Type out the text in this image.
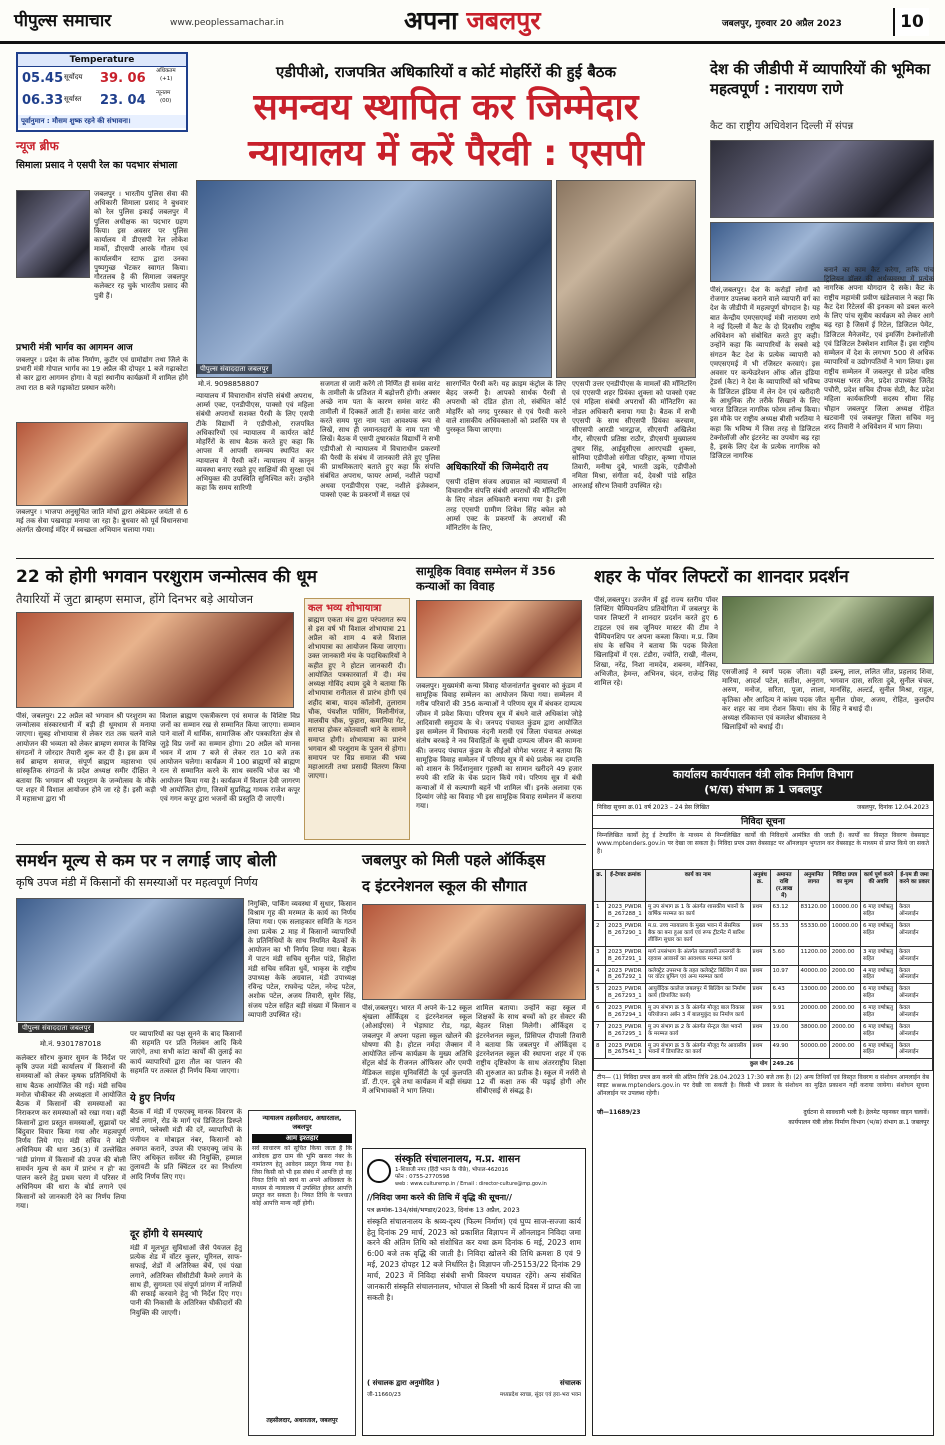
पीपुल्स समाचार	www.peoplessamachar.in	अपना जबलपुर	जबलपुर, गुरुवार 20 अप्रैल 2023	10
Temperature
05.45 सूर्योदय 39. 06 अधिकतम
(+1)
06.33 सूर्यास्त 23. 04 न्यूनतम
(00)
पूर्वानुमान : मौसम शुष्क रहने की संभावना।
न्यूज ब्रीफ
सिमाला प्रसाद ने एसपी रेल का पदभार संभाला
जबलपुर । भारतीय पुलिस सेवा की अधिकारी सिमाला प्रसाद ने बुधवार को रेल पुलिस इकाई जबलपुर में पुलिस अधीक्षक का पदभार ग्रहण किया। इस अवसर पर पुलिस कार्यालय में डीएसपी रेल लोकेश मार्को, डीएसपी आरके गौतम एवं कार्यालयीन स्टाफ द्वारा उनका पुष्पगुच्छ भेंटकर स्वागत किया। गौरतलब है की सिमाला जबलपुर कलेक्टर रह चुके भारतीय प्रसाद की पुत्री हैं।
प्रभारी मंत्री भार्गव का आगमन आज
जबलपुर । प्रदेश के लोक निर्माण, कुटीर एवं ग्रामोद्योग तथा जिले के प्रभारी मंत्री गोपाल भार्गव का 19 अप्रैल की दोपहर 1 बजे गढ़ाकोटा से कार द्वारा आगमन होगा। वे यहां स्थानीय कार्यक्रमों में शामिल होंगे तथा रात 8 बजे गढ़ाकोटा प्रस्थान करेंगे।
जबलपुर । भाजपा अनुसूचित जाति मोर्चा द्वारा अंबेडकर जयंती से 6 मई तक सेवा पखवाड़ा मनाया जा रहा है। बुधवार को पूर्व विधानसभा अंतर्गत खैरमाई मंदिर में स्वच्छता अभियान चलाया गया।
एडीपीओ, राजपत्रित अधिकारियों व कोर्ट मोहर्रिरों की हुई बैठक
समन्वय स्थापित कर जिम्मेदार
न्यायालय में करें पैरवी : एसपी
पीपुल्स संवाददाता जबलपुर
मो.नं. 9098858807
न्यायालय में विचाराधीन संपत्ति संबंधी अपराध, आर्म्स एक्ट, एनडीपीएस, पाक्सो एवं महिला संबंधी अपराधों सशक्त पैरवी के लिए एसपी टीके विद्यार्थी ने एडीपीओ, राजपत्रित अधिकारियों एवं न्यायालय में कार्यरत कोर्ट मोहर्रिरों के साथ बैठक करते हुए कहा कि आपस में आपसी समन्वय स्थापित कर न्यायालय में पैरवी करें। न्यायालय में कानून व्यवस्था बनाए रखते हुए साक्षियों की सुरक्षा एवं अभियुक्त की उपस्थिति सुनिश्चित करें। उन्होंने कहा कि समय सारिणी
सजगता से जारी करेंगे तो निर्णित ही समंस वारंट के तामीली के प्रतिशत में बढ़ोत्तरी होगी। अक्सर अच्छे नाम पता के कारण समंस वारंट की तामीली में दिक्कतें आती हैं। समंस वारंट जारी करते समय पूरा नाम पता आवश्यक रूप से लिखें, साथ ही जमानतदारों के नाम पता भी लिखें। बैठक में एसपी तुषारकांत विद्यार्थी ने सभी एडीपीओ से न्यायालय में विचाराधीन प्रकरणों की पैरवी के संबंध में जानकारी लेते हुए पुलिस की प्राथमिकताएं बताते हुए कहा कि संपत्ति संबंधित अपराध, फायर आर्म्स, नशीले पदार्थों अथवा एनडीपीएस एक्ट, नशीले इंजेक्शन, पाक्सो एक्ट के प्रकरणों में सख्त एवं
सारगर्भित पैरवी करें। यह क्राइम कंट्रोल के लिए बेहद जरूरी है। आपको सार्थक पैरवी से अपराधी को दंडित होता तो, संबंधित कोर्ट मोहर्रिर को नगद पुरस्कार से एवं पैरवी करने वाले शासकीय अधिवक्ताओं को प्रशस्ति पत्र से पुरस्कृत किया जाएगा।
अधिकारियों की जिम्मेदारी तय
एसपी दक्षिण संजय अग्रवाल को न्यायालयों में विचाराधीन संपत्ति संबंधी अपराधों की मॉनिटरिंग के लिए नोडल अधिकारी बनाया गया है। इसी तरह एएसपी ग्रामीण शिवेश सिंह बघेल को आर्म्स एक्ट के प्रकरणों के अपराधों की मॉनिटरिंग के लिए,
एएसपी उत्तर एनडीपीएस के मामलों की मॉनिटरिंग एवं एएसपी शहर प्रियंका शुक्ला को पाक्सो एक्ट एवं महिला संबंधी अपराधों की मॉनिटरिंग का नोडल अधिकारी बनाया गया है। बैठक में सभी एएसपी के साथ सीएसपी प्रियंका करचाम, सीएसपी आरडी भारद्वाज, सीएसपी अखिलेश गौर, सीएसपी प्रतिष्ठा राठौर, डीएसपी मुख्यालय तुषार सिंह, आईयूसीएस आरएचडी शुक्ला, सोनिया एडीपीओ संगीता परिहार, कृष्णा गोपाल तिवारी, मनीषा दुबे, भारती उइके, एडीपीओ नमिता मिश्रा, संगीता वर्द, देवश्री पांडे सहित आरआई सौरभ तिवारी उपस्थित रहे।
देश की जीडीपी में व्यापारियों की भूमिका महत्वपूर्ण : नारायण राणे
कैट का राष्ट्रीय अधिवेशन दिल्ली में संपन्न
पीसं,जबलपुर। देश के करोड़ों लोगों को रोजगार उपलब्ध कराने वाले व्यापारी वर्ग का देश के जीडीपी में महत्वपूर्ण योगदान है। यह बात केन्द्रीय एमएसएमई मंत्री नारायण राणे ने नई दिल्ली में कैट के दो दिवसीय राष्ट्रीय अधिवेशन को संबोधित करते हुए कही। उन्होंने कहा कि व्यापारियों के सबसे बड़े संगठन कैट देश के प्रत्येक व्यापारी को एमएसएमई में भी रजिस्टर करवाएं। इस अवसर पर कन्फेडरेशन ऑफ ऑल इंडिया ट्रेडर्स (कैट) ने देश के व्यापारियों को भविष्य के डिजिटल इंडिया में लेन देन एवं खरीदारी के आधुनिक तौर तरीके सिखाने के लिए भारत डिजिटल नागरिक फोरम लॉन्च किया। इस मौके पर राष्ट्रीय अध्यक्ष बीसी भरतिया ने कहा कि भविष्य में जिस तरह से डिजिटल टेक्नोलॉजी और इंटरनेट का उपयोग बढ़ रहा है, इसके लिए देश के प्रत्येक नागरिक को डिजिटल नागरिक
बनाने का काम कैट करेगा, ताकि पांच ट्रिलियन डॉलर की अर्थव्यवस्था में प्रत्येक नागरिक अपना योगदान दे सके। कैट के राष्ट्रीय महामंत्री प्रवीण खंडेलवाल ने कहा कि कैट देश रिटेलर्स की इनकम को डबल करने के लिए पांच सूत्रीय कार्यक्रम को लेकर आगे बढ़ रहा है जिसमें ई रिटेल, डिजिटल पेमेंट, डिजिटल मैनेजमेंट, एवं इमर्जिंग टेक्नोलॉजी एवं डिजिटल टैक्सेशन शामिल हैं। इस राष्ट्रीय सम्मेलन में देश के लगभग 500 से अधिक व्यापारियों व उद्योगपतियों ने भाग लिया। इस राष्ट्रीय सम्मेलन में जबलपुर से प्रदेश वरिष्ठ उपाध्यक्ष भरत जैन, प्रदेश उपाध्यक्ष जितेंद्र पचौरी, प्रदेश सचिव दीपक सेठी, कैट प्रदेश महिला कार्यकारिणी सदस्य सीमा सिंह चौहान जबलपुर जिला अध्यक्ष रोहित खटवानी एवं जबलपुर जिला सचिव मनु शरद तिवारी ने अधिवेशन में भाग लिया।
22 को होगी भगवान परशुराम जन्मोत्सव की धूम
तैयारियों में जुटा ब्राम्हण समाज, होंगे दिनभर बड़े आयोजन
पीसं, जबलपुर। 22 अप्रैल को भगवान श्री परशुराम का जन्मोत्सव संस्कारधानी में बड़ी ही धूमधाम से मनाया जाएगा। सुबह शोभायात्रा से लेकर रात तक चलने वाले आयोजन की भव्यता को लेकर ब्राम्हण समाज के विभिन्न संगठनों ने जोरदार तैयारी शुरू कर दी है। इस क्रम में सर्व ब्राम्हण समाज, संपूर्ण ब्राह्मण महासभा एवं सांस्कृतिक संगठनों के प्रदेश अध्यक्ष समीर दीक्षित ने बताया कि भगवान श्री परशुराम के जन्मोत्सव के मौके पर शहर में विशाल आयोजन होने जा रहे हैं। इसी कड़ी में महासभा द्वारा भी
विशाल ब्राह्मण एकत्रीकरण एवं समाज के विशिष्ट विप्र जनों का सम्मान रख से सम्मानित किया जाएगा। सम्मान पाने वालों में धार्मिक, सामाजिक और पत्रकारिता क्षेत्र से जुड़े विप्र जनों का सम्मान होगा। 20 अप्रैल को मानस भवन में शाम 7 बजे से लेकर रात 10 बजे तक आयोजन चलेगा। कार्यक्रम में 100 ब्राह्मणों को ब्राह्मण रत्न से सम्मानित करने के साथ स्वरुचि भोज का भी आयोजन किया गया है। कार्यक्रम में विशाल देवी जागरण भी आयोजित होगा, जिसमें सुप्रसिद्ध गायक राजेश कपूर एवं गगन कपूर द्वारा भजनों की प्रस्तुति दी जाएगी।
कल भव्य शोभायात्रा
ब्राह्मण एकता मंच द्वारा परंपरागत रूप से इस वर्ष भी विशाल शोभायात्रा 21 अप्रैल को शाम 4 बजे विशाल शोभायात्रा का आयोजन किया जाएगा। उक्त जानकारी मंच के पदाधिकारियों ने कहीत हुए ने होटल जानकारी दी। आयोजित पत्रकारवार्ता में दी। मंच अध्यक्ष गोविंद श्याम दुबे ने बताया कि शोभायात्रा रानीताल से प्रारंभ होगी एवं शहीद बाबा, यादव कॉलोनी, तुलाराम चौक, पंचशील पासिंग, मिलौनीगंज, मालवीय चौक, फुहारा, कमानिया गेट, सराफा होकर कोतवाली थाने के सामने समाप्त होगी। शोभायात्रा का प्रारंभ भगवान श्री परशुराम के पूजन से होगा। समापन पर विप्र समाज की भव्य महाआरती तथा प्रसादी वितरण किया जाएगा।
सामूहिक विवाह सम्मेलन में 356 कन्याओं का विवाह
जबलपुर। मुख्यमंत्री कन्या विवाह योजनांतर्गत बुधवार को कुंडम में सामूहिक विवाह सम्मेलन का आयोजन किया गया। सम्मेलन में गरीब परिवारों की 356 कन्याओं ने परिणय सूत्र में बंधकर दाम्पत्य जीवन में प्रवेश किया। परिणय सूत्र में बंधने वाले अधिकांश जोड़े आदिवासी समुदाय के थे। जनपद पंचायत कुंडम द्वारा आयोजित इस सम्मेलन में विधायक नंदनी मरावी एवं जिला पंचायत अध्यक्ष संतोष बरकड़े ने नव विवाहितों के सुखी दाम्पत्य जीवन की कामना की। जनपद पंचायत कुंडम के सीईओ योगेश भरसट ने बताया कि सामूहिक विवाह सम्मेलन में परिणय सूत्र में बंधे प्रत्येक नव दम्पत्ति को शासन के निर्देशानुसार गृहस्थी का सामान खरीदने 49 हजार रुपये की राशि के चेक प्रदान किये गये। परिणय सूत्र में बंधी कन्याओं में से कल्याणी बहनें भी शामिल थीं। इनके अलावा एक दिव्यांग जोड़े का विवाह भी इस सामूहिक विवाह सम्मेलन में कराया गया।
शहर के पॉवर लिफ्टरों का शानदार प्रदर्शन
पीसं,जबलपुर। उज्जैन में हुई राज्य स्तरीय पॉवर लिफ्टिंग चैम्पियनशिप प्रतियोगिता में जबलपुर के पावर लिफ्टरों ने शानदार प्रदर्शन करते हुए 6 टाइटल एवं सब जूनियर मास्टर की टीम ने चैम्पियनशिप पर अपना कब्जा किया। म.प्र. जिम संघ के सचिव ने बताया कि पदक विजेता खिलाड़ियों में एस. टंडौरा, ज्योति, राखी, नीलम, शिखा, नरेंद्र, निशा नामदेव, शबनम, मोनिका, अभिजीत, हेमन्त, अभिनव, चंदन, राजेन्द्र सिंह शामिल रहे।
एसजीआई ने स्वर्ण पदक जीता। वहीं मारिया, आदर्श पटेल, सतीश, अनुराग, अरुण, मनोज, सरिता, पूजा, लाला, कृतिका और आदित्य ने कांस्य पदक जीत कर शहर का नाम रोशन किया। संघ के अध्यक्ष रविकान्त एवं कमलेश श्रीवास्तव ने खिलाड़ियों को बधाई दी।
डब्ल्यू, लाल, ललित जीत, प्रहलाद शिवा, भगवान दास, सरिता दुबे, सुनील चंचल, मानसिंह, अल्टर्ड, सुनील मिश्रा, राहुल, सुनील ग्रोवर, अजय, रोहित, कुलदीप सिंह ने बधाई दी।
कार्यालय कार्यपालन यंत्री लोक निर्माण विभाग
(भ/स) संभाग क्र 1 जबलपुर
निविदा सूचना क्र.01 वर्ष 2023 – 24 प्रेस लिखित	जबलपुर, दिनांक 12.04.2023
निविदा सूचना
निम्नलिखित कार्यों हेतु ई टेण्डरिंग के माध्यम से निम्नलिखित कार्यों की निविदायें आमंत्रित की जाती हैं। कार्यों का विस्तृत विवरण वेबसाइट www.mptenders.gov.in पर देखा जा सकता है। निविदा प्रपत्र उक्त वेबसाइट पर ऑनलाइन भुगतान कर वेबसाइट के माध्यम से प्राप्त किये जा सकते हैं।
क्र.	ई-टेण्डर क्रमांक	कार्य का नाम	अनुबंध क्र.	अमानत राशि (र.लाख में)	अनुमानित लागत	निविदा प्रपत्र का मूल्य	कार्य पूर्ण करने की अवधि	ई-एम डी जमा करने का प्रकार
1	2023_PWDRB_267288_1	मु उप संभाग क्र 1 के अंतर्गत शासकीय भवनों के वार्षिक मरम्मत का कार्य	प्रथम	63.12	83120.00	10000.00	6 माह वर्षाऋतु सहित	केवल ऑनलाईन
2	2023_PWDRB_267290_1	म.प्र. उच्च न्यायालय के मुख्य भवन में सेसमिक बैक का बना हुआ कार्य एवं रूफ ट्रीटमेंट में बारिश लीकिंग सुधार का कार्य	प्रथम	55.33	55330.00	10000.00	6 माह वर्षाऋतु सहित	केवल ऑनलाईन
3	2023_PWDRB_267291_1	मार्ग उपसंभाग के अंतर्गत काजाघरों उपनगरों के रहवास आवासों का आवश्यक मरम्मत कार्य	प्रथम	5.60	11200.00	2000.00	3 माह वर्षाऋतु सहित	केवल ऑनलाईन
4	2023_PWDRB_267292_1	कलेक्ट्रेट उपसभा के तहत कलेक्ट्रेट बिल्डिंग में छत पर वॉटर प्रूफिंग एवं अन्य मरम्मत कार्य	प्रथम	10.97	40000.00	2000.00	4 माह वर्षाऋतु सहित	केवल ऑनलाईन
5	2023_PWDRB_267293_1	आयुर्वेदिक कालेज जबलपुर में बिल्डिंग का निर्माण कार्य (डिपाजिट कार्य)	प्रथम	6.43	13000.00	2000.00	6 माह वर्षाऋतु सहित	केवल ऑनलाईन
6	2023_PWDRB_267294_1	मु उप संभाग क्र 3 के अंतर्गत मौजूद बाल विकास परियोजना अर्बन 3 में बालमुकुंद का निर्माण कार्य	प्रथम	9.91	20000.00	2000.00	6 माह वर्षाऋतु सहित	केवल ऑनलाईन
7	2023_PWDRB_267295_1	मु उप संभाग क्र 2 के अंतर्गत सेन्ट्रल जेल भवनों के मरम्मत कार्य	प्रथम	19.00	38000.00	2000.00	6 माह वर्षाऋतु सहित	केवल ऑनलाईन
8	2023_PWDRB_267541_1	मु उप संभाग क्र 3 के अंतर्गत मौजूद गैर आवासीय भवनों में डिपाजिट का कार्य	प्रथम	49.90	50000.00	2000.00	6 माह वर्षाऋतु सहित	केवल ऑनलाईन
कुल योग				249.26				
टीप— (1) निविदा प्रपत्र क्रय करने की अंतिम तिथि 28.04.2023 17:30 बजे तक है। (2) अन्य तिथियाँ एवं विस्तृत विवरण व संशोधन आनलाईन वेब साइट www.mptenders.gov.in पर देखी जा सकती है। किसी भी प्रकार के संशोधन का मुद्रित प्रकाशन नहीं कराया जायेगा। संशोधन सूचना ऑनलाईन पर उपलब्ध रहेगी।
जी—11689/23	दुर्घटना से सावधानी भली है। हेलमेट पहनकर वाहन चलावें।
कार्यपालन यंत्री लोक निर्माण विभाग (भ/स) संभाग क्र.1 जबलपुर
समर्थन मूल्य से कम पर न लगाई जाए बोली
कृषि उपज मंडी में किसानों की समस्याओं पर महत्वपूर्ण निर्णय
पीपुल्स संवाददाता जबलपुर
मो.नं. 9301787018
कलेक्टर सौरभ कुमार सुमन के निर्देश पर कृषि उपज मंडी कार्यालय में किसानों की समस्याओं को लेकर कृषक प्रतिनिधियों के साथ बैठक आयोजित की गई। मंडी सचिव मनोज चौकीकर की अध्यक्षता में आयोजित बैठक में किसानों की समस्याओं का निराकरण कर समस्याओं को रखा गया। वहीं किसानों द्वारा प्रस्तुत समस्याओं, सुझावों पर बिंदुवार विचार किया गया और महत्वपूर्ण निर्णय लिये गए। मंडी सचिव ने मंडी अधिनियम की धारा 36(3) में उल्लेखित 'मंडी प्रांगण में किसानों की उपज की बोली समर्थन मूल्य से कम में प्रारंभ न हो' का पालन करने हेतु प्रथम चरण में परिसर में अधिनियम की धारा के बोर्ड लगाने एवं किसानों को जानकारी देने का निर्णय लिया गया।
पर व्यापारियों का पक्ष सुनने के बाद किसानों की सहमति पर प्रति निलंबन आदि किये जाएंगे, तथा सभी कांटा कार्यों की तुलाई का कार्य व्यापारियों द्वारा तौल का पालन की सहमति पर तत्काल ही निर्णय किया जाएगा।
ये हुए निर्णय
बैठक में मंडी में एफएक्यू मानक विवरण के बोर्ड लगाने, रोड के मार्ग एवं डिजिटल डिस्प्ले लगाने, फ्लेक्सी मंडी की दरें, व्यापारियों के पंजीयन व मोबाइल नंबर, किसानों को अवगत कराने, उपज की एफएक्यू जांच के लिए अधिकृत सर्वेयर की नियुक्ति, हम्माल तुलावटी के प्रति क्विंटल दर का निर्धारण आदि निर्णय लिए गए।
दूर होंगी ये समस्याएं
मंडी में मूलभूत सुविधाओं जैसे पेयजल हेतु प्रत्येक शेड में वॉटर कूलर, यूरिनल, साफ-सफाई, शेडों में अतिरिक्त बेंचें, एवं पंखा लगाने, अतिरिक्त सीसीटीवी कैमरे लगाने के साथ ही, सुगमता एवं संपूर्ण प्रांगण में नालियों की सफाई करवाने हेतु भी निर्देश दिए गए। पानी की निकासी के अतिरिक्त चौकीदारों की नियुक्ति की जाएगी।
निगुक्ति, पार्किंग व्यवस्था में सुधार, किसान विश्राम गृह की मरम्मत के कार्य का निर्णय लिया गया। एक सलाहकार समिति के गठन तथा प्रत्येक 2 माह में किसानों व्यापारियों के प्रतिनिधियों के साथ नियमित बैठकों के आयोजन का भी निर्णय लिया गया। बैठक में पाटन मंडी सचिव सुनील पांडे, सिहोरा मंडी सचिव सविता धुर्वे, भाकृस के राष्ट्रीय उपाध्यक्ष केके अग्रवाल, मंडी उपाध्यक्ष रविन्द्र पटेल, राघवेन्द्र पटेल, नरेन्द्र पटेल, अशोक पटेल, अजय तिवारी, सुमेर सिंह, संजय पटेल सहित बड़ी संख्या में किसान व व्यापारी उपस्थित रहे।
न्यायालय तहसीलदार, अधारताल, जबलपुर
आम इश्तहार
सर्व साधारण को सूचित किया जाता है कि आवेदक द्वारा ग्राम की भूमि खसरा नंबर के नामांतरण हेतु आवेदन प्रस्तुत किया गया है। जिस किसी को भी इस संबंध में आपत्ति हो वह नियत तिथि को स्वयं या अपने अधिवक्ता के माध्यम से न्यायालय में उपस्थित होकर आपत्ति प्रस्तुत कर सकता है। नियत तिथि के पश्चात कोई आपत्ति मान्य नहीं होगी।
तहसीलदार, अधारताल, जबलपुर
जबलपुर को मिली पहले ऑर्किड्स
द इंटरनेशनल स्कूल की सौगात
पीसं,जबलपुर। भारत में अपने के-12 स्कूल श्रृंखला ऑर्किड्स द इंटरनेशनल स्कूल (ओआईएस) ने भेड़ाघाट रोड, गढ़ा, जबलपुर में अपना पहला स्कूल खोलने की घोषणा की है। होटल नर्मदा जैक्सन में आयोजित लॉन्च कार्यक्रम के मुख्य अतिथि सेंट्रल बोर्ड के रीजनल ऑफिसर और एमपी मेडिकल साइंस यूनिवर्सिटी के पूर्व कुलपति डॉ. टी.एन. दुबे तथा कार्यक्रम में बड़ी संख्या में अभिभावकों ने भाग लिया।
शामिल बताया। उन्होंने कहा स्कूल में शिक्षकों के साथ बच्चों को हर सेक्टर की बेहतर शिक्षा मिलेगी। ऑर्किड्स द इंटरनेशनल स्कूल, प्रिंसिपल दीपाली तिवारी ने बताया कि जबलपुर में ऑर्किड्स द इंटरनेशनल स्कूल की स्थापना शहर में एक राष्ट्रीय दृष्टिकोण के साथ अंतरराष्ट्रीय शिक्षा की शुरुआत का प्रतीक है। स्कूल में नर्सरी से 12 वीं कक्षा तक की पढ़ाई होगी और सीबीएसई से संबद्ध है।
संस्कृति संचालनालय, म.प्र. शासन
1-शिवाजी नगर (हिंदी भवन के पीछे), भोपाल-462016
फोन : 0755-2770598
web : www.culturemp.in / Email : director-culture@mp.gov.in
//निविदा जमा करने की तिथि में वृद्धि की सूचना//
पत्र क्रमांक-134/संसं/भण्डार/2023, दिनांक 13 अप्रैल, 2023
संस्कृति संचालनालय के श्रव्य-दृश्य (फिल्म निर्माण) एवं घुप्प साज-सज्जा कार्य हेतु दिनांक 29 मार्च, 2023 को प्रकाशित विज्ञापन में ऑनलाइन निविदा जमा करने की अंतिम तिथि को संशोधित कर यथा क्रम दिनांक 6 मई, 2023 शाम 6:00 बजे तक वृद्धि की जाती है। निविदा खोलने की तिथि क्रमशः 8 एवं 9 मई, 2023 दोपहर 12 बजे निर्धारित है। विज्ञापन जी-25153/22 दिनांक 29 मार्च, 2023 में निविदा संबंधी सभी विवरण यथावत रहेंगे। अन्य संबंधित जानकारी संस्कृति संचालनालय, भोपाल से किसी भी कार्य दिवस में प्राप्त की जा सकती है।
( संचालक द्वारा अनुमोदित )	संचालक
जी-11660/23	मध्यप्रदेश स्वच्छ, सुंदर एवं हरा-भरा भवन
